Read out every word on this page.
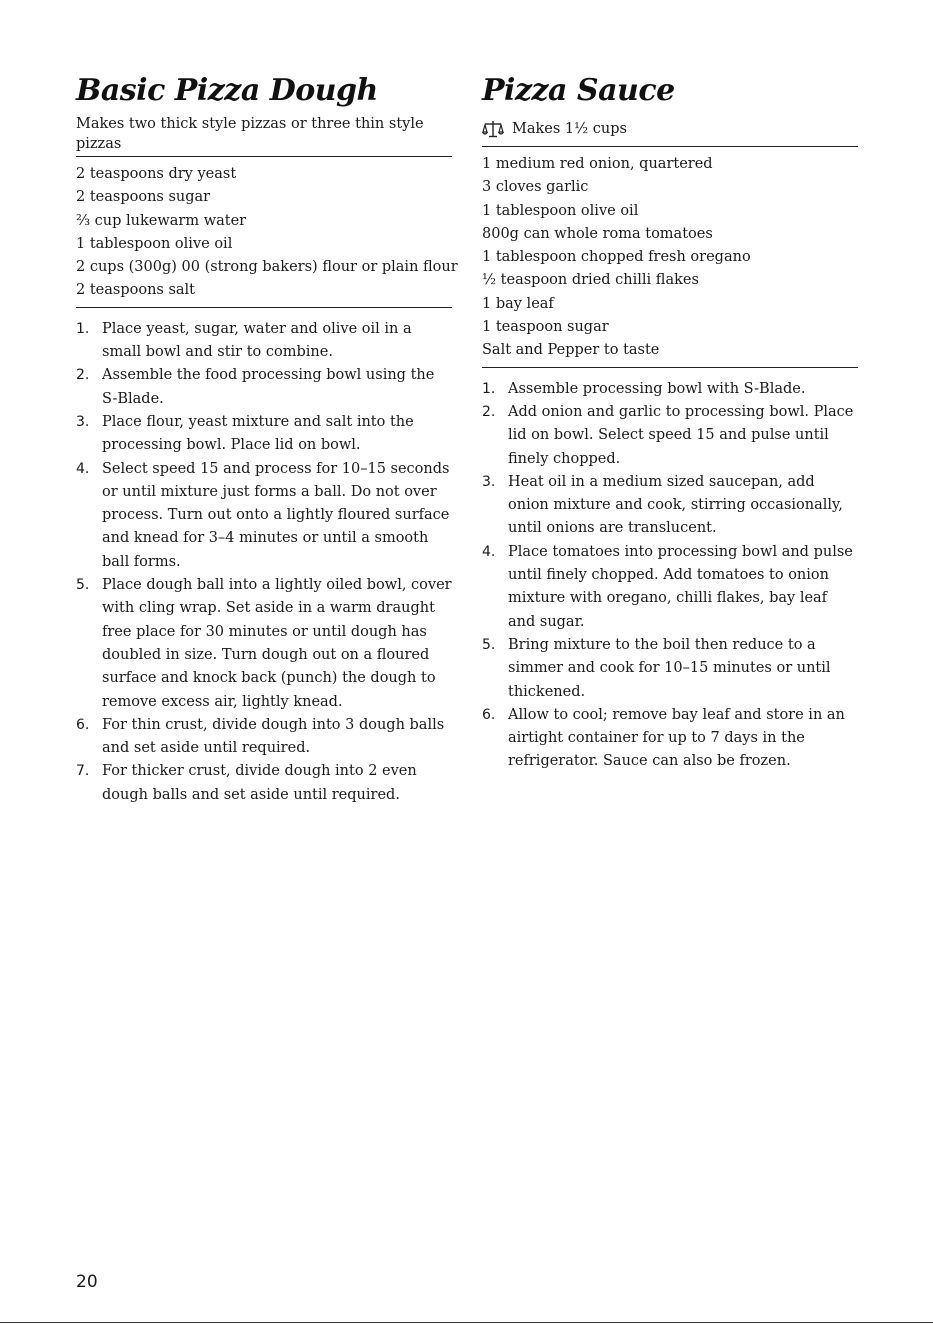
Basic Pizza Dough
Makes two thick style pizzas or three thin style pizzas
2 teaspoons dry yeast
2 teaspoons sugar
⅔ cup lukewarm water
1 tablespoon olive oil
2 cups (300g) 00 (strong bakers) flour or plain flour
2 teaspoons salt
1. Place yeast, sugar, water and olive oil in a small bowl and stir to combine.
2. Assemble the food processing bowl using the S-Blade.
3. Place flour, yeast mixture and salt into the processing bowl. Place lid on bowl.
4. Select speed 15 and process for 10–15 seconds or until mixture just forms a ball. Do not over process. Turn out onto a lightly floured surface and knead for 3–4 minutes or until a smooth ball forms.
5. Place dough ball into a lightly oiled bowl, cover with cling wrap. Set aside in a warm draught free place for 30 minutes or until dough has doubled in size. Turn dough out on a floured surface and knock back (punch) the dough to remove excess air, lightly knead.
6. For thin crust, divide dough into 3 dough balls and set aside until required.
7. For thicker crust, divide dough into 2 even dough balls and set aside until required.
Pizza Sauce
Makes 1½ cups
1 medium red onion, quartered
3 cloves garlic
1 tablespoon olive oil
800g can whole roma tomatoes
1 tablespoon chopped fresh oregano
½ teaspoon dried chilli flakes
1 bay leaf
1 teaspoon sugar
Salt and Pepper to taste
1. Assemble processing bowl with S-Blade.
2. Add onion and garlic to processing bowl. Place lid on bowl. Select speed 15 and pulse until finely chopped.
3. Heat oil in a medium sized saucepan, add onion mixture and cook, stirring occasionally, until onions are translucent.
4. Place tomatoes into processing bowl and pulse until finely chopped. Add tomatoes to onion mixture with oregano, chilli flakes, bay leaf and sugar.
5. Bring mixture to the boil then reduce to a simmer and cook for 10–15 minutes or until thickened.
6. Allow to cool; remove bay leaf and store in an airtight container for up to 7 days in the refrigerator. Sauce can also be frozen.
20
